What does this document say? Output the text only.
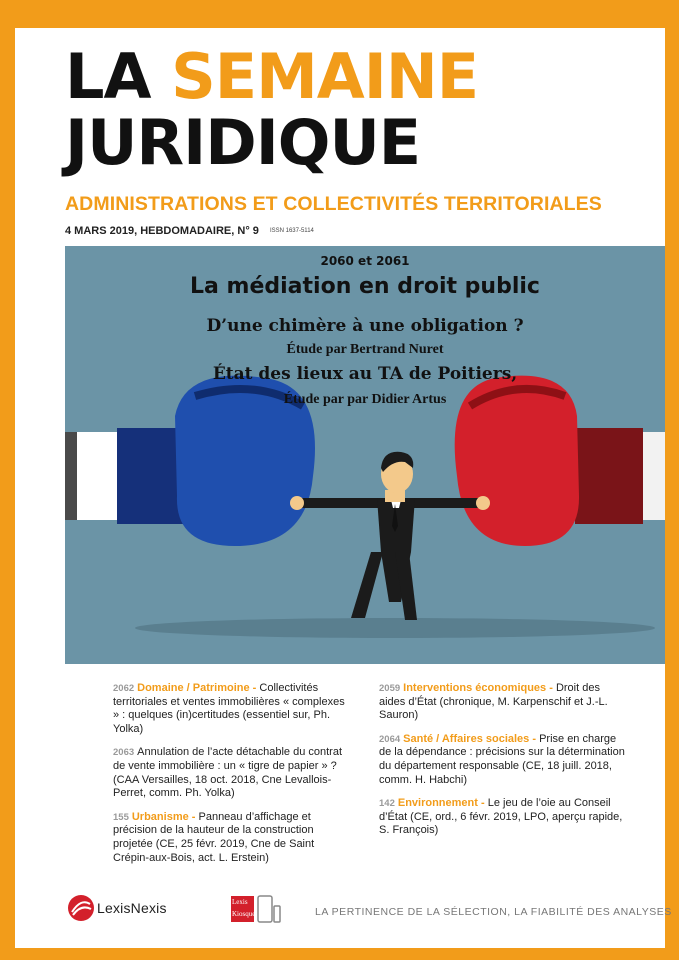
LA SEMAINE
JURIDIQUE
ADMINISTRATIONS ET COLLECTIVITÉS TERRITORIALES
4 MARS 2019, HEBDOMADAIRE, N° 9 ISSN 1637-5114
2060 et 2061
La médiation en droit public
D’une chimère à une obligation ?
Étude par Bertrand Nuret
État des lieux au TA de Poitiers,
Étude par par Didier Artus
2062 Domaine / Patrimoine - Collectivités territoriales et ventes immobilières « complexes » : quelques (in)certitudes (essentiel sur, Ph. Yolka)
2063 Annulation de l’acte détachable du contrat de vente immobilière : un « tigre de papier » ? (CAA Versailles, 18 oct. 2018, Cne Levallois-Perret, comm. Ph. Yolka)
155 Urbanisme - Panneau d’affichage et précision de la hauteur de la construction projetée (CE, 25 févr. 2019, Cne de Saint Crépin-aux-Bois, act. L. Erstein)
2059 Interventions économiques - Droit des aides d’État (chronique, M. Karpenschif et J.-L. Sauron)
2064 Santé / Affaires sociales - Prise en charge de la dépendance : précisions sur la détermination du département responsable (CE, 18 juill. 2018, comm. H. Habchi)
142 Environnement - Le jeu de l’oie au Conseil d’État (CE, ord., 6 févr. 2019, LPO, aperçu rapide, S. François)
LexisNexis	Lexis
Kiosque	LA PERTINENCE DE LA SÉLECTION, LA FIABILITÉ DES ANALYSES
